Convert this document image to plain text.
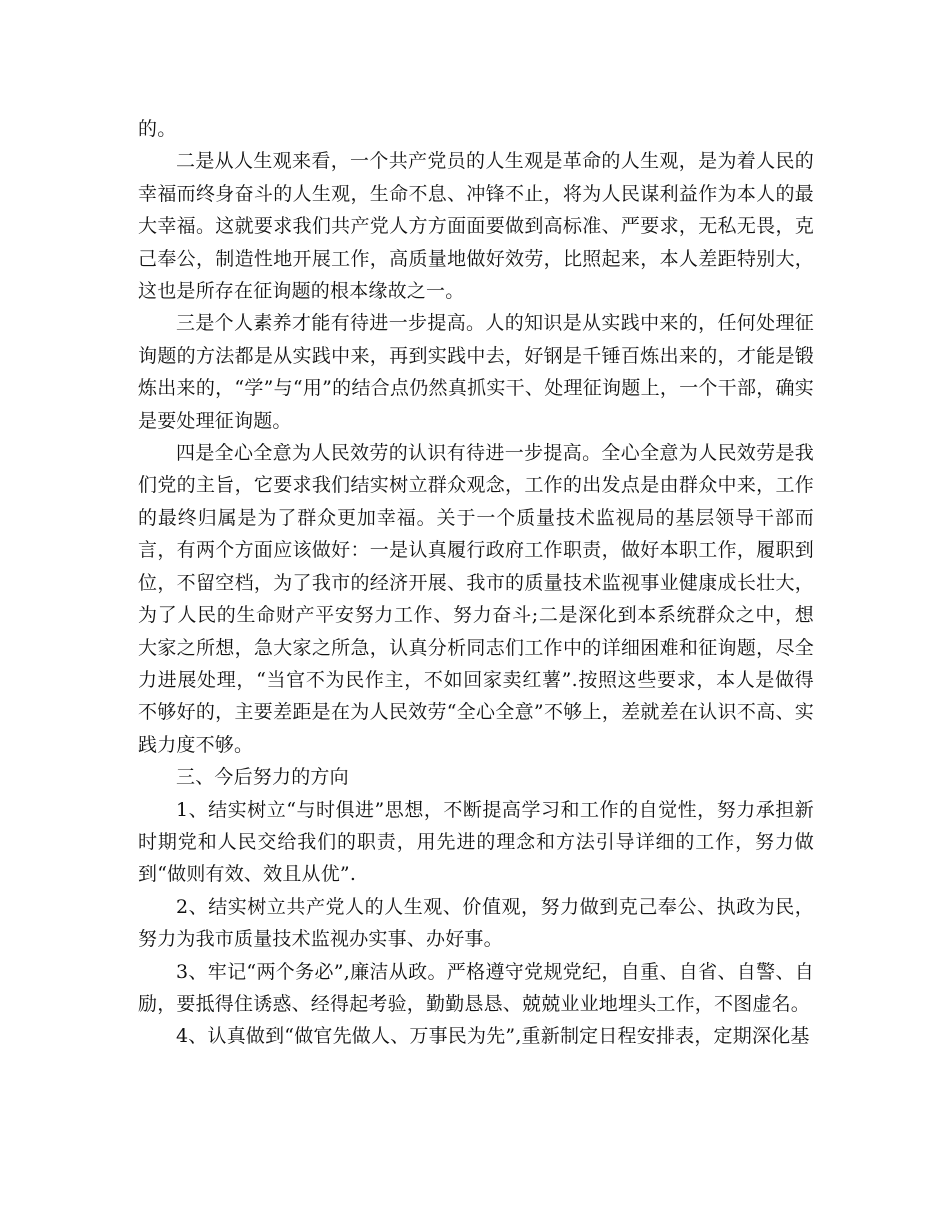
的。

二是从人生观来看，一个共产党员的人生观是革命的人生观，是为着人民的幸福而终身奋斗的人生观，生命不息、冲锋不止，将为人民谋利益作为本人的最大幸福。这就要求我们共产党人方方面面要做到高标准、严要求，无私无畏，克己奉公，制造性地开展工作，高质量地做好效劳，比照起来，本人差距特别大，这也是所存在征询题的根本缘故之一。

三是个人素养才能有待进一步提高。人的知识是从实践中来的，任何处理征询题的方法都是从实践中来，再到实践中去，好钢是千锤百炼出来的，才能是锻炼出来的，“学”与“用”的结合点仍然真抓实干、处理征询题上，一个干部，确实是要处理征询题。

四是全心全意为人民效劳的认识有待进一步提高。全心全意为人民效劳是我们党的主旨，它要求我们结实树立群众观念，工作的出发点是由群众中来，工作的最终归属是为了群众更加幸福。关于一个质量技术监视局的基层领导干部而言，有两个方面应该做好：一是认真履行政府工作职责，做好本职工作，履职到位，不留空档，为了我市的经济开展、我市的质量技术监视事业健康成长壮大，为了人民的生命财产平安努力工作、努力奋斗;二是深化到本系统群众之中，想大家之所想，急大家之所急，认真分析同志们工作中的详细困难和征询题，尽全力进展处理，“当官不为民作主，不如回家卖红薯”.按照这些要求，本人是做得不够好的，主要差距是在为人民效劳“全心全意”不够上，差就差在认识不高、实践力度不够。

三、今后努力的方向

1、结实树立“与时俱进”思想，不断提高学习和工作的自觉性，努力承担新时期党和人民交给我们的职责，用先进的理念和方法引导详细的工作，努力做到“做则有效、效且从优”.

2、结实树立共产党人的人生观、价值观，努力做到克己奉公、执政为民，努力为我市质量技术监视办实事、办好事。

3、牢记“两个务必”,廉洁从政。严格遵守党规党纪，自重、自省、自警、自励，要抵得住诱惑、经得起考验，勤勤恳恳、兢兢业业地埋头工作，不图虚名。

4、认真做到“做官先做人、万事民为先”,重新制定日程安排表，定期深化基
